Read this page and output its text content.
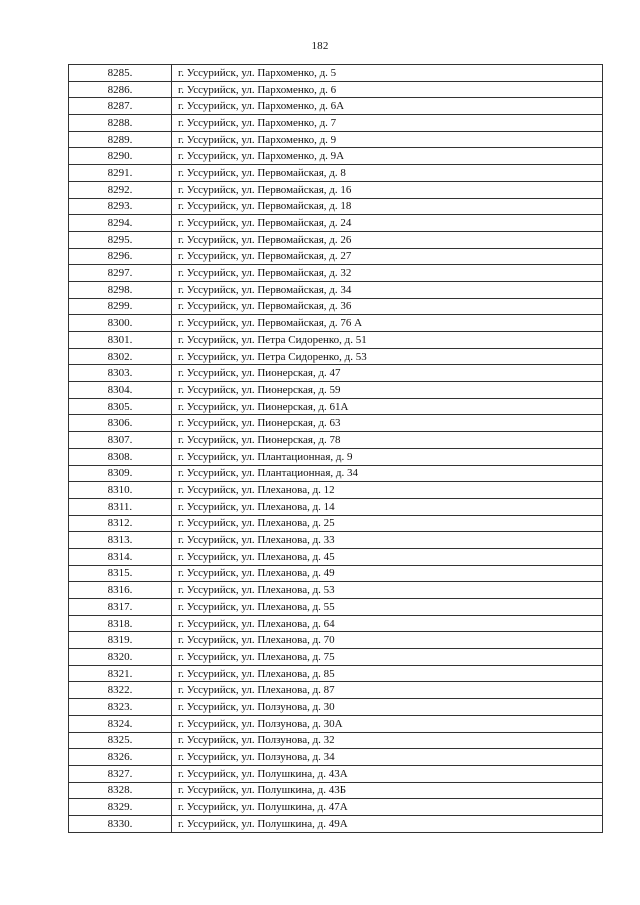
182
8285.	г. Уссурийск, ул. Пархоменко, д. 5
8286.	г. Уссурийск, ул. Пархоменко, д. 6
8287.	г. Уссурийск, ул. Пархоменко, д. 6А
8288.	г. Уссурийск, ул. Пархоменко, д. 7
8289.	г. Уссурийск, ул. Пархоменко, д. 9
8290.	г. Уссурийск, ул. Пархоменко, д. 9А
8291.	г. Уссурийск, ул. Первомайская, д. 8
8292.	г. Уссурийск, ул. Первомайская, д. 16
8293.	г. Уссурийск, ул. Первомайская, д. 18
8294.	г. Уссурийск, ул. Первомайская, д. 24
8295.	г. Уссурийск, ул. Первомайская, д. 26
8296.	г. Уссурийск, ул. Первомайская, д. 27
8297.	г. Уссурийск, ул. Первомайская, д. 32
8298.	г. Уссурийск, ул. Первомайская, д. 34
8299.	г. Уссурийск, ул. Первомайская, д. 36
8300.	г. Уссурийск, ул. Первомайская, д. 76 А
8301.	г. Уссурийск, ул. Петра Сидоренко, д. 51
8302.	г. Уссурийск, ул. Петра Сидоренко, д. 53
8303.	г. Уссурийск, ул. Пионерская, д. 47
8304.	г. Уссурийск, ул. Пионерская, д. 59
8305.	г. Уссурийск, ул. Пионерская, д. 61А
8306.	г. Уссурийск, ул. Пионерская, д. 63
8307.	г. Уссурийск, ул. Пионерская, д. 78
8308.	г. Уссурийск, ул. Плантационная, д. 9
8309.	г. Уссурийск, ул. Плантационная, д. 34
8310.	г. Уссурийск, ул. Плеханова, д. 12
8311.	г. Уссурийск, ул. Плеханова, д. 14
8312.	г. Уссурийск, ул. Плеханова, д. 25
8313.	г. Уссурийск, ул. Плеханова, д. 33
8314.	г. Уссурийск, ул. Плеханова, д. 45
8315.	г. Уссурийск, ул. Плеханова, д. 49
8316.	г. Уссурийск, ул. Плеханова, д. 53
8317.	г. Уссурийск, ул. Плеханова, д. 55
8318.	г. Уссурийск, ул. Плеханова, д. 64
8319.	г. Уссурийск, ул. Плеханова, д. 70
8320.	г. Уссурийск, ул. Плеханова, д. 75
8321.	г. Уссурийск, ул. Плеханова, д. 85
8322.	г. Уссурийск, ул. Плеханова, д. 87
8323.	г. Уссурийск, ул. Ползунова, д. 30
8324.	г. Уссурийск, ул. Ползунова, д. 30А
8325.	г. Уссурийск, ул. Ползунова, д. 32
8326.	г. Уссурийск, ул. Ползунова, д. 34
8327.	г. Уссурийск, ул. Полушкина, д. 43А
8328.	г. Уссурийск, ул. Полушкина, д. 43Б
8329.	г. Уссурийск, ул. Полушкина, д. 47А
8330.	г. Уссурийск, ул. Полушкина, д. 49А
